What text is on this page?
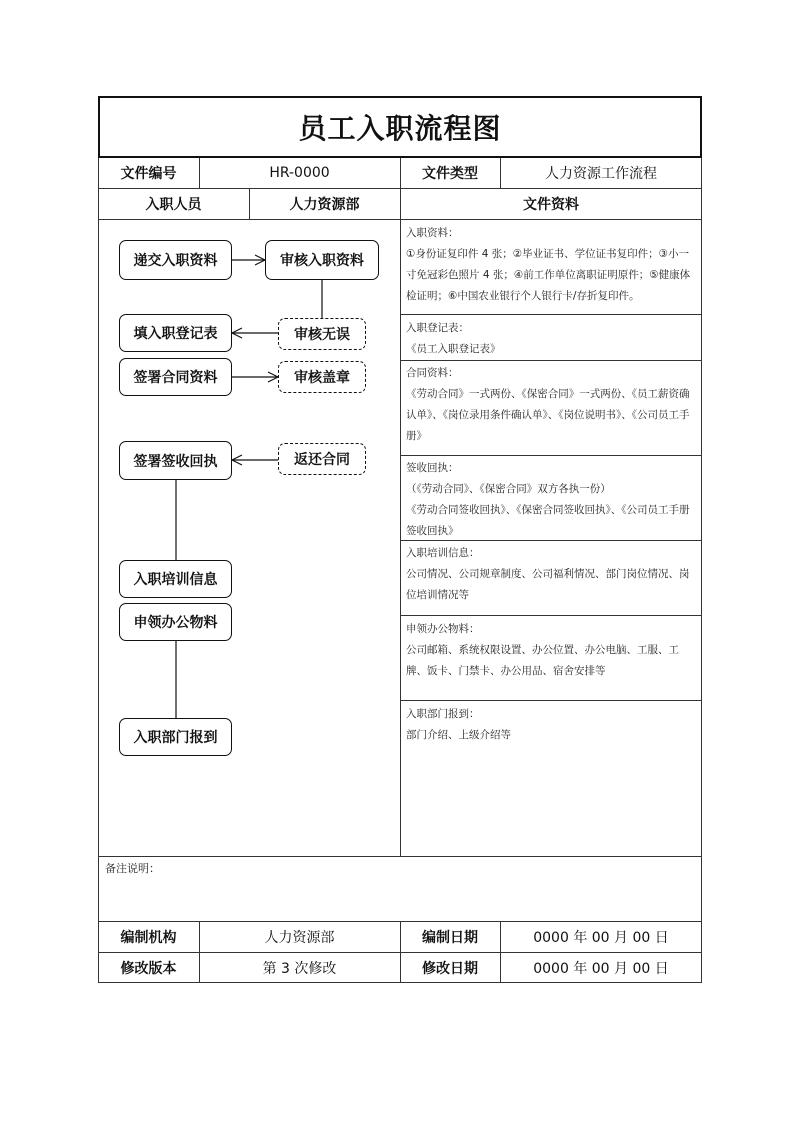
员工入职流程图
文件编号	HR-0000	文件类型	人力资源工作流程
入职人员	人力资源部	文件资料
递交入职资料	审核入职资料
填入职登记表	审核无误
签署合同资料	审核盖章
签署签收回执	返还合同
入职培训信息
申领办公物料
入职部门报到
入职资料：
①身份证复印件 4 张；②毕业证书、学位证书复印件；③小一寸免冠彩色照片 4 张；④前工作单位离职证明原件；⑤健康体检证明；⑥中国农业银行个人银行卡/存折复印件。
入职登记表：
《员工入职登记表》
合同资料：
《劳动合同》一式两份、《保密合同》一式两份、《员工薪资确认单》、《岗位录用条件确认单》、《岗位说明书》、《公司员工手册》
签收回执：
（《劳动合同》、《保密合同》双方各执一份）
《劳动合同签收回执》、《保密合同签收回执》、《公司员工手册签收回执》
入职培训信息：
公司情况、公司规章制度、公司福利情况、部门岗位情况、岗位培训情况等
申领办公物料：
公司邮箱、系统权限设置、办公位置、办公电脑、工服、工牌、饭卡、门禁卡、办公用品、宿舍安排等
入职部门报到：
部门介绍、上级介绍等
备注说明：
编制机构	人力资源部	编制日期	0000 年 00 月 00 日
修改版本	第 3 次修改	修改日期	0000 年 00 月 00 日
